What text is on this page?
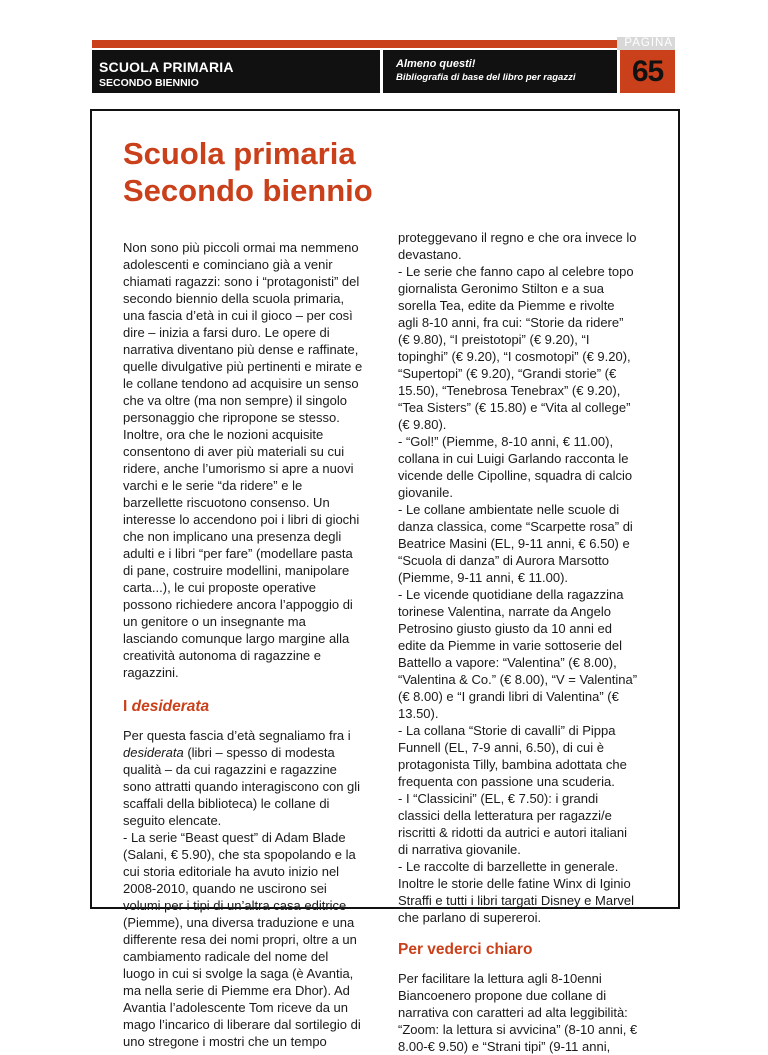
PAGINA
SCUOLA PRIMARIA
SECONDO BIENNIO
Almeno questi!
Bibliografia di base del libro per ragazzi	65
Scuola primaria
Secondo biennio

Non sono più piccoli ormai ma nemmeno adolescenti e cominciano già a venir chiamati ragazzi: sono i “protagonisti” del secondo biennio della scuola primaria, una fascia d’età in cui il gioco – per così dire – inizia a farsi duro. Le opere di narrativa diventano più dense e raffinate, quelle divulgative più pertinenti e mirate e le collane tendono ad acquisire un senso che va oltre (ma non sempre) il singolo personaggio che ripropone se stesso. Inoltre, ora che le nozioni acquisite consentono di aver più materiali su cui ridere, anche l’umorismo si apre a nuovi varchi e le serie “da ridere” e le barzellette riscuotono consenso. Un interesse lo accendono poi i libri di giochi che non implicano una presenza degli adulti e i libri “per fare” (modellare pasta di pane, costruire modellini, manipolare carta...), le cui proposte operative possono richiedere ancora l’appoggio di un genitore o un insegnante ma lasciando comunque largo margine alla creatività autonoma di ragazzine e ragazzini.

I desiderata

Per questa fascia d’età segnaliamo fra i desiderata (libri – spesso di modesta qualità – da cui ragazzini e ragazzine sono attratti quando interagiscono con gli scaffali della biblioteca) le collane di seguito elencate.

- La serie “Beast quest” di Adam Blade (Salani, € 5.90), che sta spopolando e la cui storia editoriale ha avuto inizio nel 2008-2010, quando ne uscirono sei volumi per i tipi di un’altra casa editrice (Piemme), una diversa traduzione e una differente resa dei nomi propri, oltre a un cambiamento radicale del nome del luogo in cui si svolge la saga (è Avantia, ma nella serie di Piemme era Dhor). Ad Avantia l’adolescente Tom riceve da un mago l’incarico di liberare dal sortilegio di uno stregone i mostri che un tempo

proteggevano il regno e che ora invece lo devastano.

- Le serie che fanno capo al celebre topo giornalista Geronimo Stilton e a sua sorella Tea, edite da Piemme e rivolte agli 8-10 anni, fra cui: “Storie da ridere” (€ 9.80), “I preistotopi” (€ 9.20), “I topinghi” (€ 9.20), “I cosmotopi” (€ 9.20), “Supertopi” (€ 9.20), “Grandi storie” (€ 15.50), “Tenebrosa Tenebrax” (€ 9.20), “Tea Sisters” (€ 15.80) e “Vita al college” (€ 9.80).

- “Gol!” (Piemme, 8-10 anni, € 11.00), collana in cui Luigi Garlando racconta le vicende delle Cipolline, squadra di calcio giovanile.

- Le collane ambientate nelle scuole di danza classica, come “Scarpette rosa” di Beatrice Masini (EL, 9-11 anni, € 6.50) e “Scuola di danza” di Aurora Marsotto (Piemme, 9-11 anni, € 11.00).

- Le vicende quotidiane della ragazzina torinese Valentina, narrate da Angelo Petrosino giusto giusto da 10 anni ed edite da Piemme in varie sottoserie del Battello a vapore: “Valentina” (€ 8.00), “Valentina & Co.” (€ 8.00), “V = Valentina” (€ 8.00) e “I grandi libri di Valentina” (€ 13.50).

- La collana “Storie di cavalli” di Pippa Funnell (EL, 7-9 anni, 6.50), di cui è protagonista Tilly, bambina adottata che frequenta con passione una scuderia.

- I “Classicini” (EL, € 7.50): i grandi classici della letteratura per ragazzi/e riscritti & ridotti da autrici e autori italiani di narrativa giovanile.

- Le raccolte di barzellette in generale. Inoltre le storie delle fatine Winx di Iginio Straffi e tutti i libri targati Disney e Marvel che parlano di supereroi.

Per vederci chiaro

Per facilitare la lettura agli 8-10enni Biancoenero propone due collane di narrativa con caratteri ad alta leggibilità: “Zoom: la lettura si avvicina” (8-10 anni, € 8.00-€ 9.50) e “Strani tipi” (9-11 anni,
